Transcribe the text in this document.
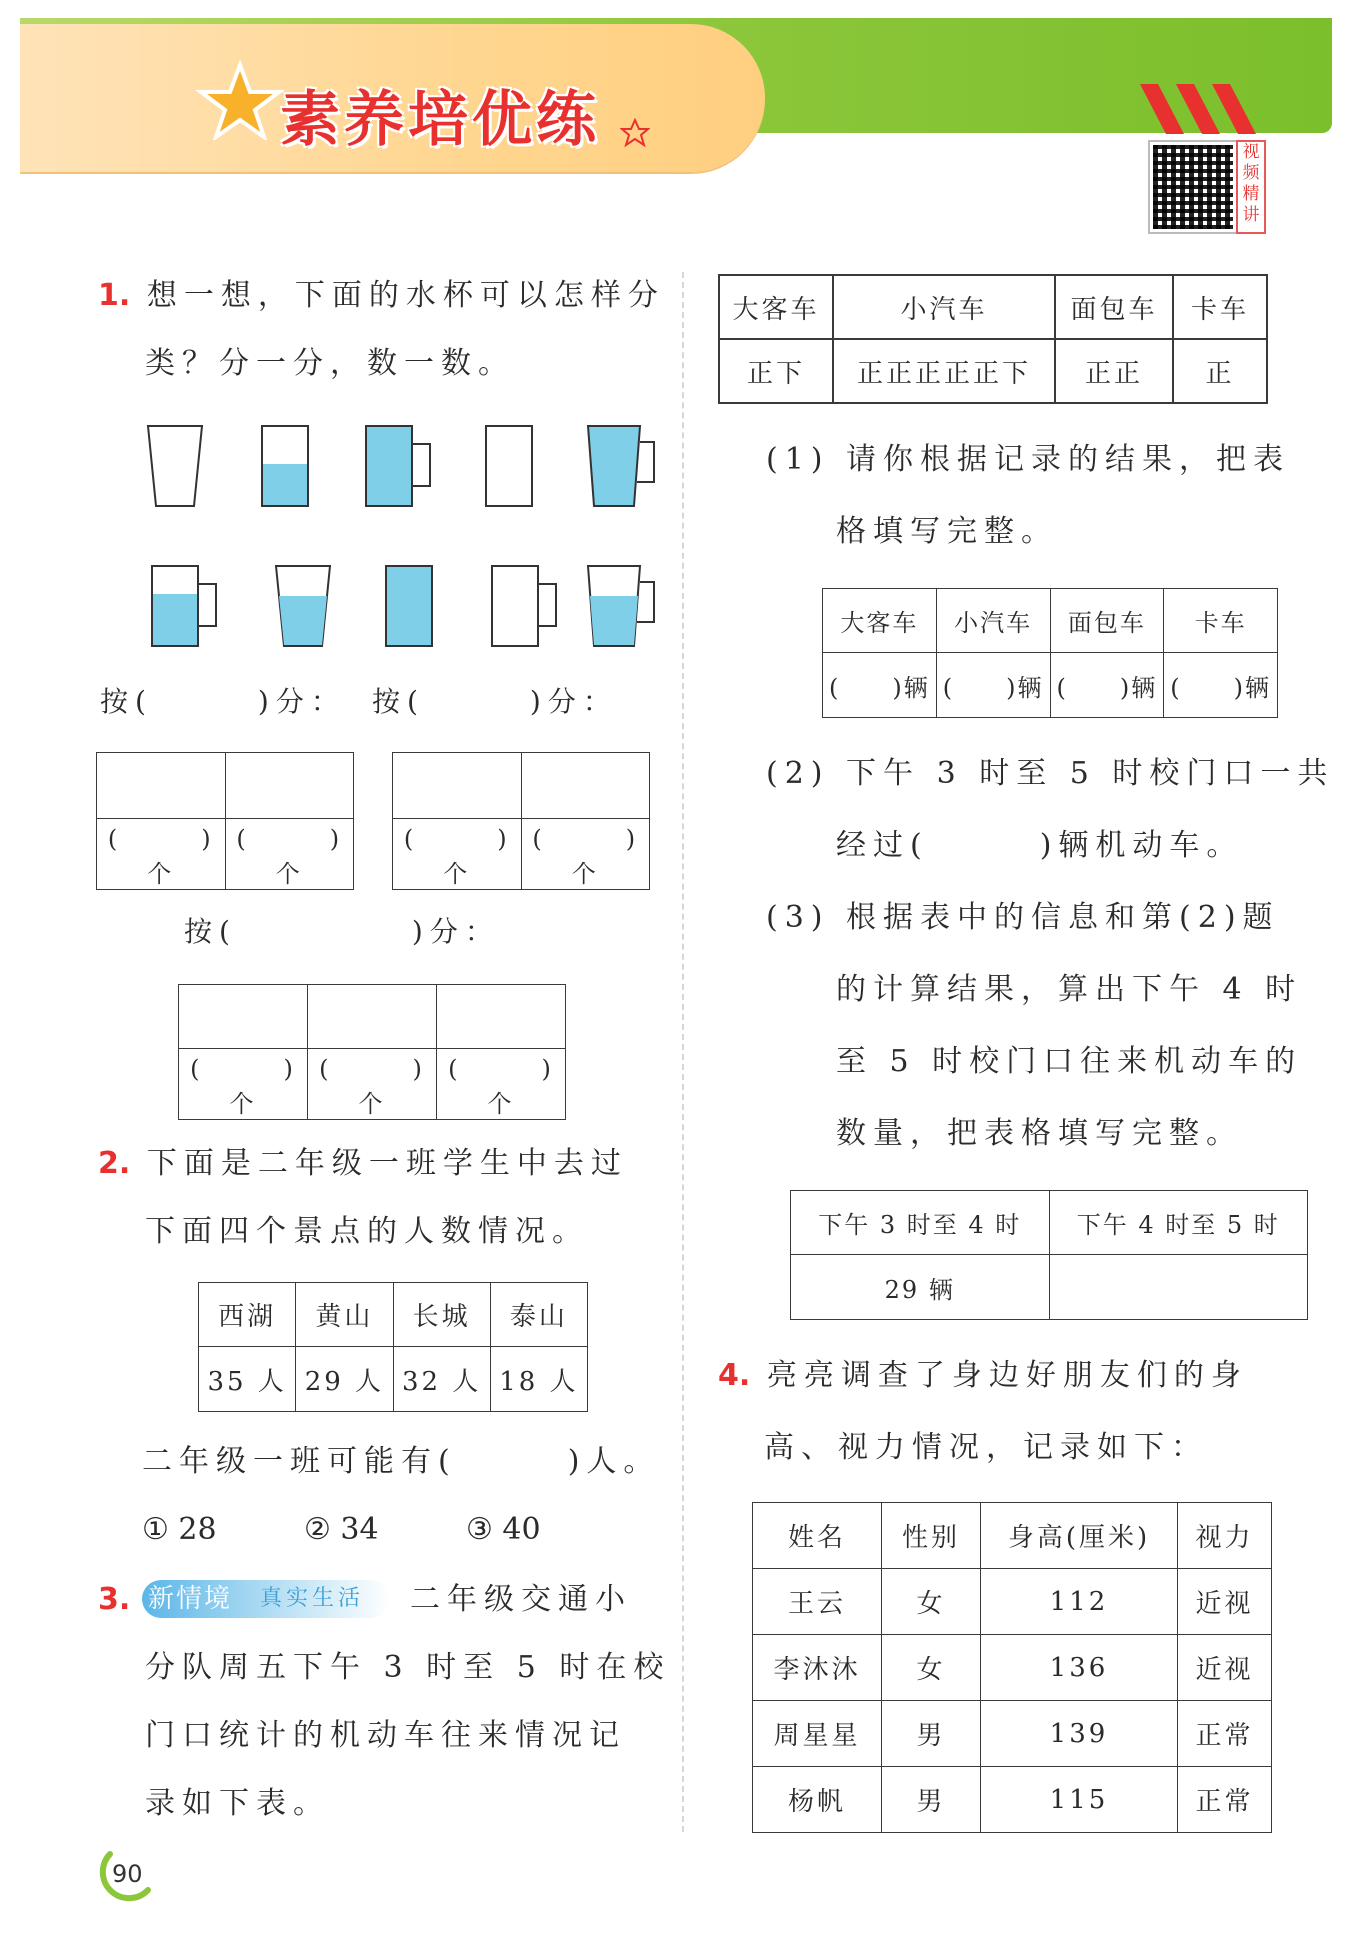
素养培优练	视频精讲
1. 想一想，下面的水杯可以怎样分
类？分一分，数一数。
按(　　　)分： 按(　　　)分：

(　　　)个	(　　　)个

(　　　)个	(　　　)个
按(　　　　　)分：

(　　　)个	(　　　)个	(　　　)个
2. 下面是二年级一班学生中去过
下面四个景点的人数情况。
西湖	黄山	长城	泰山
35 人	29 人	32 人	18 人
二年级一班可能有(　　　)人。
① 28	② 34	③ 40
3. 新情境 真实生活 二年级交通小
分队周五下午 3 时至 5 时在校
门口统计的机动车往来情况记
录如下表。
大客车	小汽车	面包车	卡车
正下	正正正正正下	正正	正
(1) 请你根据记录的结果，把表
格填写完整。
大客车	小汽车	面包车	卡车
(　　)辆	(　　)辆	(　　)辆	(　　)辆
(2) 下午 3 时至 5 时校门口一共
经过(　　　)辆机动车。
(3) 根据表中的信息和第(2)题
的计算结果，算出下午 4 时
至 5 时校门口往来机动车的
数量，把表格填写完整。
下午 3 时至 4 时	下午 4 时至 5 时
29 辆	
4. 亮亮调查了身边好朋友们的身
高、视力情况，记录如下：
姓名	性别	身高(厘米)	视力
王云	女	112	近视
李沐沐	女	136	近视
周星星	男	139	正常
杨帆	男	115	正常
90
